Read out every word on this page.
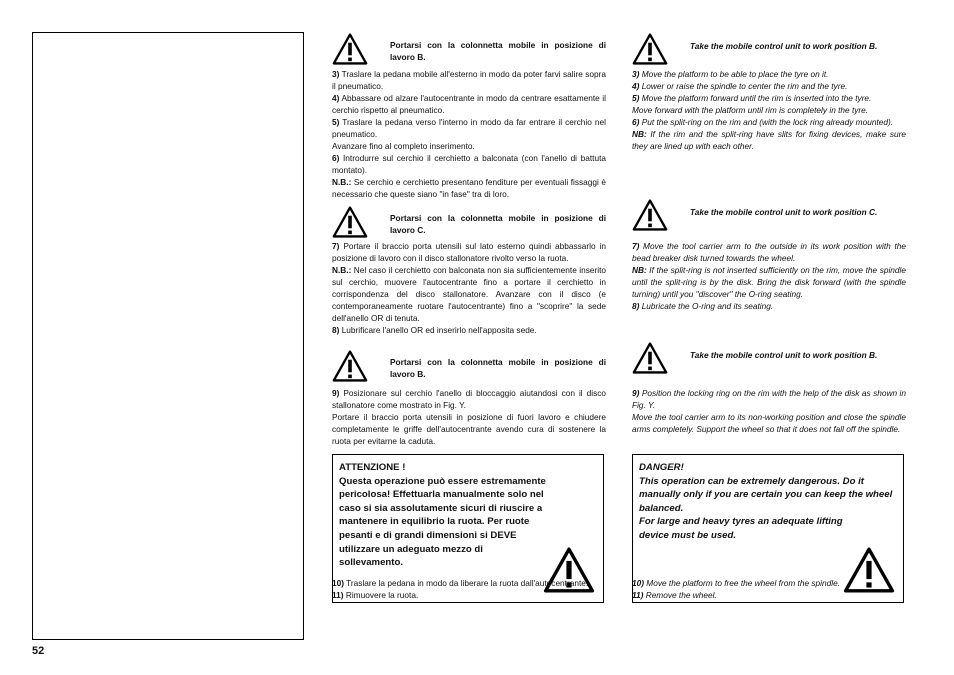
52
Portarsi con la colonnetta mobile in posizione di lavoro B.

3) Traslare la pedana mobile all'esterno in modo da poter farvi salire sopra il pneumatico.

4) Abbassare od alzare l'autocentrante in modo da centrare esattamente il cerchio rispetto al pneumatico.

5) Traslare la pedana verso l'interno in modo da far entrare il cerchio nel pneumatico.

Avanzare fino al completo inserimento.

6) Introdurre sul cerchio il cerchietto a balconata (con l'anello di battuta montato).

N.B.: Se cerchio e cerchietto presentano fenditure per eventuali fissaggi è necessario che queste siano "in fase" tra di loro.

Portarsi con la colonnetta mobile in posizione di lavoro C.

7) Portare il braccio porta utensili sul lato esterno quindi abbassarlo in posizione di lavoro con il disco stallonatore rivolto verso la ruota.

N.B.: Nel caso il cerchietto con balconata non sia sufficientemente inserito sul cerchio, muovere l'autocentrante fino a portare il cerchietto in corrispondenza del disco stallonatore. Avanzare con il disco (e contemporaneamente ruotare l'autocentrante) fino a "scoprire" la sede dell'anello OR di tenuta.

8) Lubrificare l'anello OR ed inserirlo nell'apposita sede.

Portarsi con la colonnetta mobile in posizione di lavoro B.

9) Posizionare sul cerchio l'anello di bloccaggio aiutandosi con il disco stallonatore come mostrato in Fig. Y.

Portare il braccio porta utensili in posizione di fuori lavoro e chiudere completamente le griffe dell'autocentrante avendo cura di sostenere la ruota per evitarne la caduta.

ATTENZIONE !
Questa operazione può essere estremamente pericolosa! Effettuarla manualmente solo nel caso si sia assolutamente sicuri di riuscire a mantenere in equilibrio la ruota. Per ruote pesanti e di grandi dimensioni si DEVE utilizzare un adeguato mezzo di sollevamento.

10) Traslare la pedana in modo da liberare la ruota dall'autocentrante.

11) Rimuovere la ruota.

Take the mobile control unit to work position B.

3) Move the platform to be able to place the tyre on it.

4) Lower or raise the spindle to center the rim and the tyre.

5) Move the platform forward until the rim is inserted into the tyre.

Move forward with the platform until rim is completely in the tyre.

6) Put the split-ring on the rim and (with the lock ring already mounted).

NB: If the rim and the split-ring have slits for fixing devices, make sure they are lined up with each other.

Take the mobile control unit to work position C.

7) Move the tool carrier arm to the outside in its work position with the bead breaker disk turned towards the wheel.

NB: If the split-ring is not inserted sufficiently on the rim, move the spindle until the split-ring is by the disk. Bring the disk forward (with the spindle turning) until you "discover" the O-ring seating.

8) Lubricate the O-ring and its seating.

Take the mobile control unit to work position B.

9) Position the locking ring on the rim with the help of the disk as shown in Fig. Y.

Move the tool carrier arm to its non-working position and close the spindle arms completely. Support the wheel so that it does not fall off the spindle.

DANGER!
This operation can be extremely dangerous. Do it manually only if you are certain you can keep the wheel balanced.
For large and heavy tyres an adequate lifting device must be used.

10) Move the platform to free the wheel from the spindle.

11) Remove the wheel.
